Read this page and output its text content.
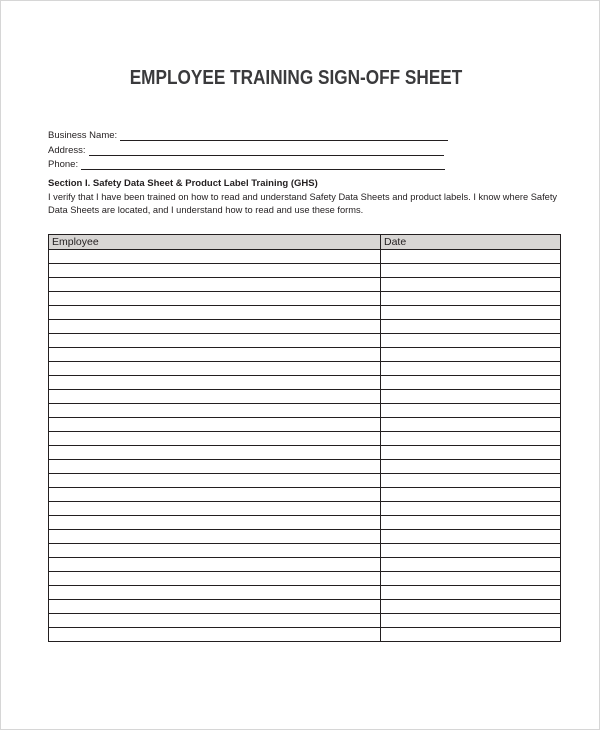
EMPLOYEE TRAINING SIGN-OFF SHEET
Business Name:
Address:
Phone:
Section I. Safety Data Sheet & Product Label Training (GHS)
I verify that I have been trained on how to read and understand Safety Data Sheets and product labels. I know where Safety Data Sheets are located, and I understand how to read and use these forms.
Employee	Date
